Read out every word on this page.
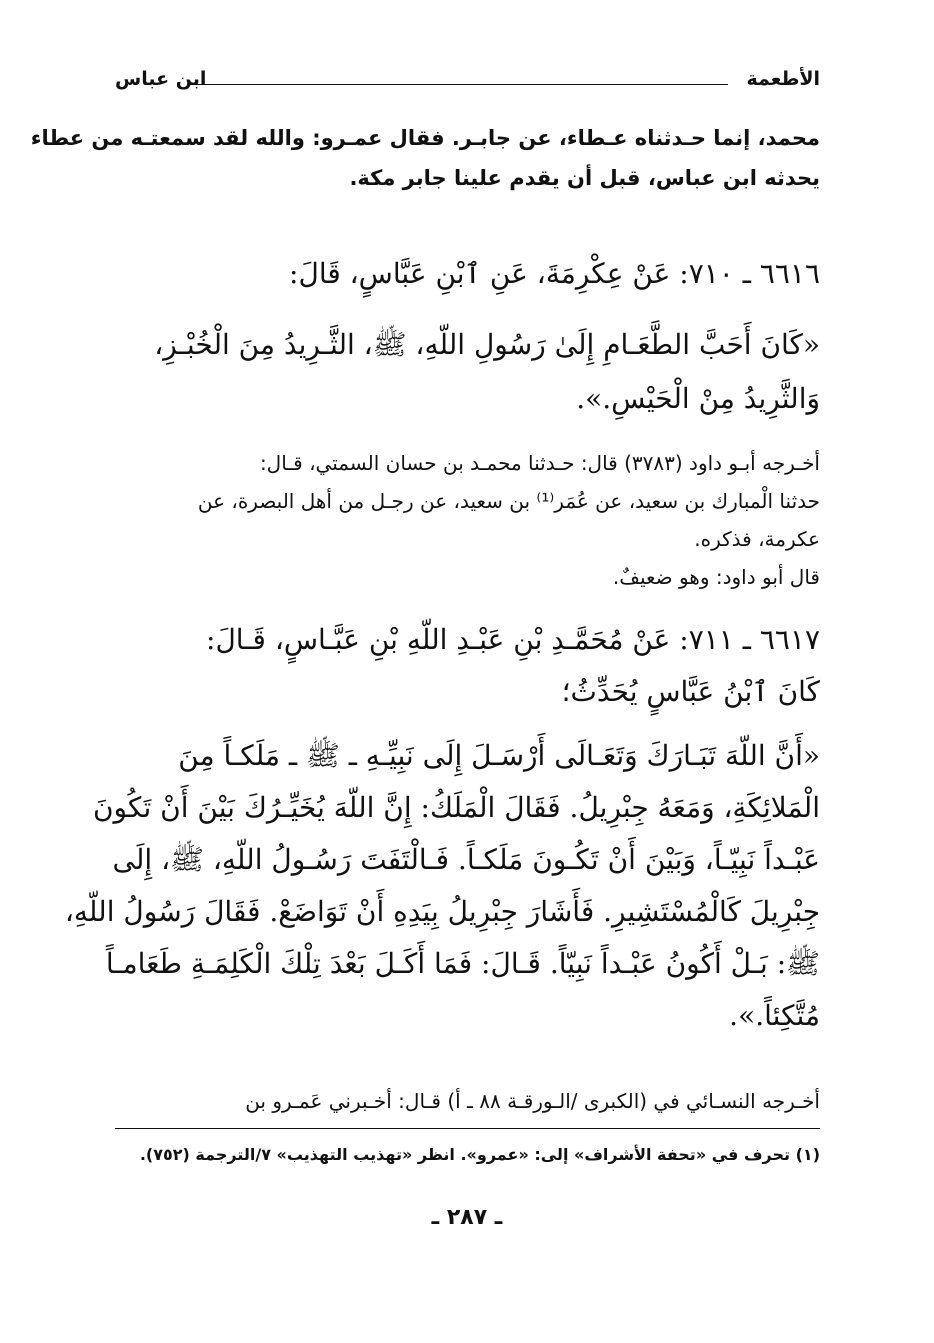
الأطعمة
ابن عباس
محمد، إنما حـدثناه عـطاء، عن جابـر. فقال عمـرو: والله لقد سمعتـه من عطاء
يحدثه ابن عباس، قبل أن يقدم علينا جابر مكة.
٦٦١٦ ـ ٧١٠: عَنْ عِكْرِمَةَ، عَنِ ٱبْنِ عَبَّاسٍ، قَالَ:
«كَانَ أَحَبَّ الطَّعَـامِ إِلَىٰ رَسُولِ اللّهِ، ﷺ، الثَّـرِيدُ مِنَ الْخُبْـزِ،
وَالثَّرِيدُ مِنْ الْحَيْسِ.».
أخـرجه أبـو داود (٣٧٨٣) قال: حـدثنا محمـد بن حسان السمتي، قـال:
حدثنا الْمبارك بن سعيد، عن عُمَر⁽¹⁾ بن سعيد، عن رجـل من أهل البصرة، عن
عكرمة، فذكره.
قال أبو داود: وهو ضعيفٌ.
٦٦١٧ ـ ٧١١: عَنْ مُحَمَّـدِ بْنِ عَبْـدِ اللّهِ بْنِ عَبَّـاسٍ، قَـالَ:
كَانَ ٱبْنُ عَبَّاسٍ يُحَدِّثُ؛
«أَنَّ اللّهَ تَبَـارَكَ وَتَعَـالَى أَرْسَـلَ إِلَى نَبِيِّـهِ ـ ﷺ ـ مَلَكـاً مِنَ
الْمَلائِكَةِ، وَمَعَهُ جِبْرِيلُ. فَقَالَ الْمَلَكُ: إِنَّ اللّهَ يُخَيِّـرُكَ بَيْنَ أَنْ تَكُونَ
عَبْـداً نَبِيّـاً، وَبَيْنَ أَنْ تَكُـونَ مَلَكـاً. فَـالْتَفَتَ رَسُـولُ اللّهِ، ﷺ، إِلَى
جِبْرِيلَ كَالْمُسْتَشِيرِ. فَأَشَارَ جِبْرِيلُ بِيَدِهِ أَنْ تَوَاضَعْ. فَقَالَ رَسُولُ اللّهِ،
ﷺ: بَـلْ أَكُونُ عَبْـداً نَبِيّاً. قَـالَ: فَمَا أَكَـلَ بَعْدَ تِلْكَ الْكَلِمَـةِ طَعَامـاً
مُتَّكِئاً.».
أخـرجه النسـائي في (الكبرى /الـورقـة ٨٨ ـ أ) قـال: أخـبرني عَمـرو بن
(١) تحرف في «تحفة الأشراف» إلى: «عمرو». انظر «تهذيب التهذيب» ٧/الترجمة (٧٥٢).
ـ ٢٨٧ ـ
